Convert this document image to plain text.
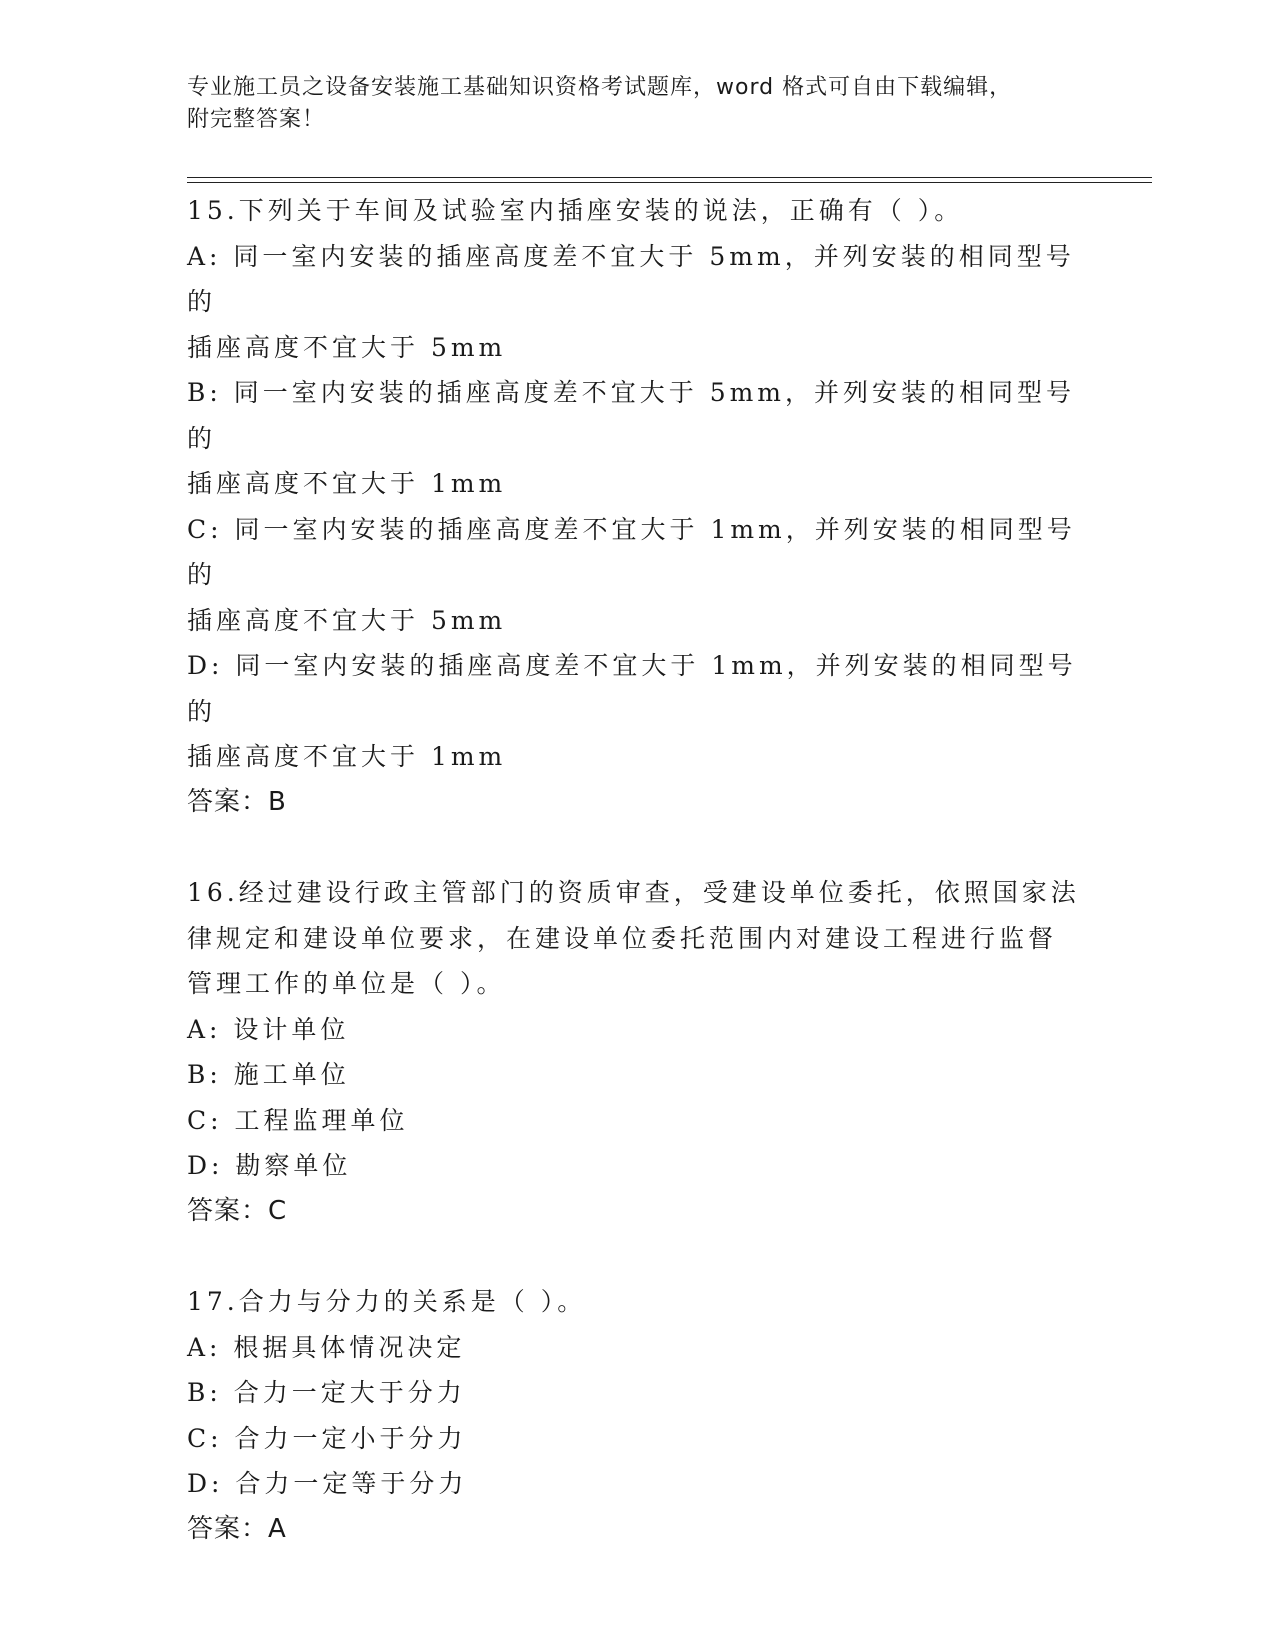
专业施工员之设备安装施工基础知识资格考试题库，word 格式可自由下载编辑，
附完整答案！
15.下列关于车间及试验室内插座安装的说法，正确有（ ）。
A: 同一室内安装的插座高度差不宜大于 5mm，并列安装的相同型号的
插座高度不宜大于 5mm
B: 同一室内安装的插座高度差不宜大于 5mm，并列安装的相同型号的
插座高度不宜大于 1mm
C: 同一室内安装的插座高度差不宜大于 1mm，并列安装的相同型号的
插座高度不宜大于 5mm
D: 同一室内安装的插座高度差不宜大于 1mm，并列安装的相同型号的
插座高度不宜大于 1mm
答案：B
16.经过建设行政主管部门的资质审查，受建设单位委托，依照国家法
律规定和建设单位要求，在建设单位委托范围内对建设工程进行监督
管理工作的单位是（ ）。
A: 设计单位
B: 施工单位
C: 工程监理单位
D: 勘察单位
答案：C
17.合力与分力的关系是（ ）。
A: 根据具体情况决定
B: 合力一定大于分力
C: 合力一定小于分力
D: 合力一定等于分力
答案：A
